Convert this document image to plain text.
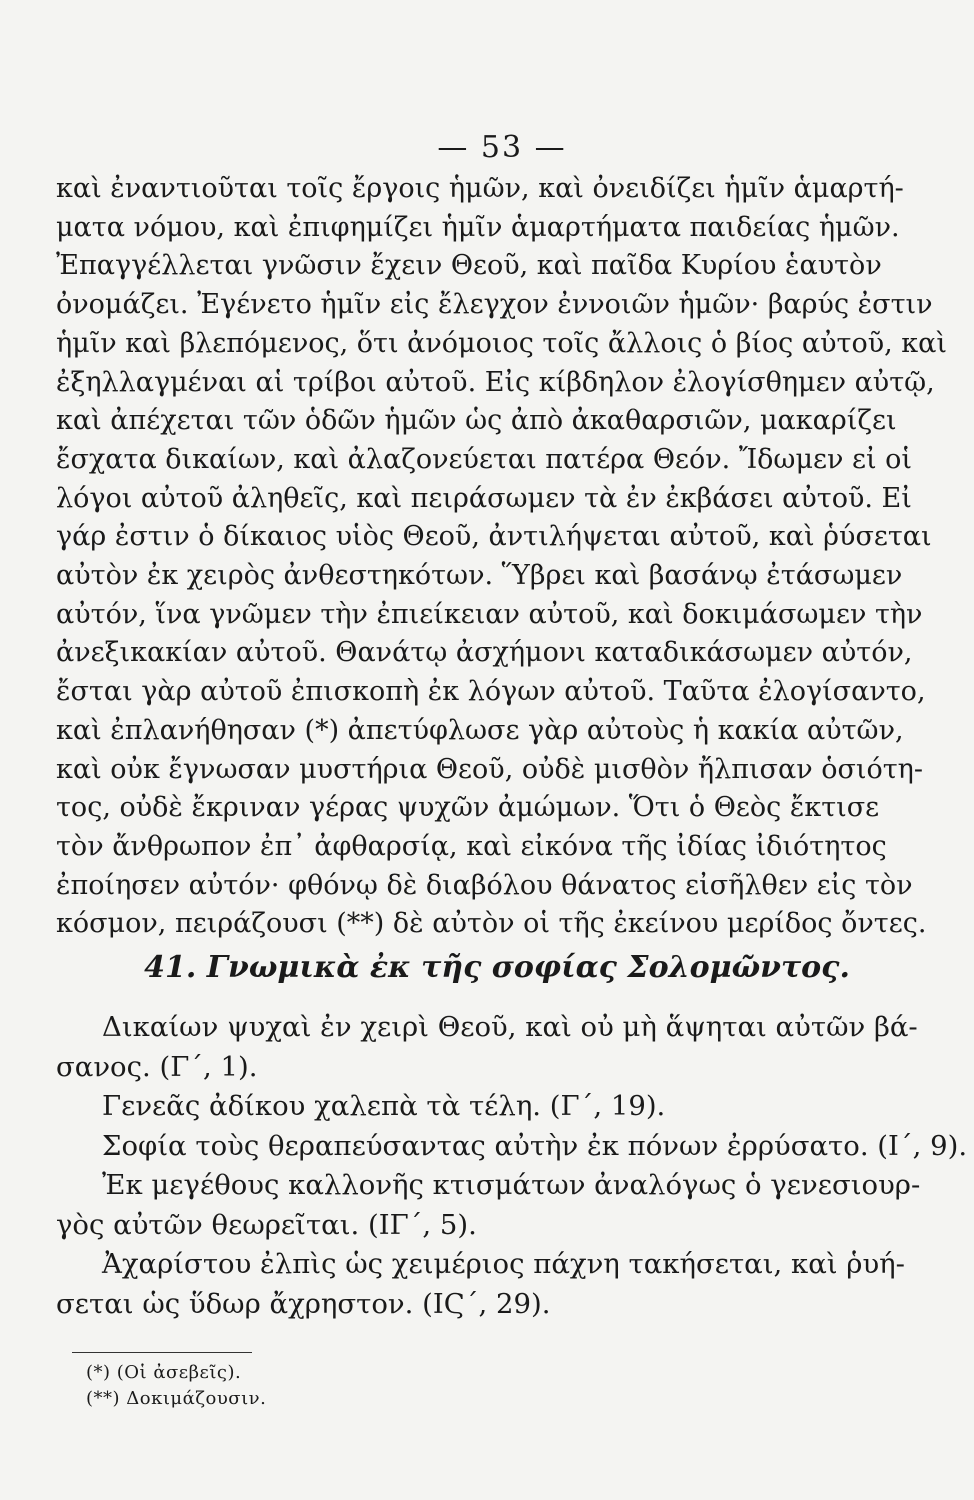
— 53 —
καὶ ἐναντιοῦται τοῖς ἔργοις ἡμῶν, καὶ ὀνειδίζει ἡμῖν ἁμαρτή-
ματα νόμου, καὶ ἐπιφημίζει ἡμῖν ἁμαρτήματα παιδείας ἡμῶν.
Ἐπαγγέλλεται γνῶσιν ἔχειν Θεοῦ, καὶ παῖδα Κυρίου ἑαυτὸν
ὀνομάζει. Ἐγένετο ἡμῖν εἰς ἔλεγχον ἐννοιῶν ἡμῶν· βαρύς ἐστιν
ἡμῖν καὶ βλεπόμενος, ὅτι ἀνόμοιος τοῖς ἄλλοις ὁ βίος αὐτοῦ, καὶ
ἐξηλλαγμέναι αἱ τρίβοι αὐτοῦ. Εἰς κίβδηλον ἐλογίσθημεν αὐτῷ,
καὶ ἀπέχεται τῶν ὁδῶν ἡμῶν ὡς ἀπὸ ἀκαθαρσιῶν, μακαρίζει
ἔσχατα δικαίων, καὶ ἀλαζονεύεται πατέρα Θεόν. Ἴδωμεν εἰ οἱ
λόγοι αὐτοῦ ἀληθεῖς, καὶ πειράσωμεν τὰ ἐν ἐκβάσει αὐτοῦ. Εἰ
γάρ ἐστιν ὁ δίκαιος υἱὸς Θεοῦ, ἀντιλήψεται αὐτοῦ, καὶ ῥύσεται
αὐτὸν ἐκ χειρὸς ἀνθεστηκότων. Ὕβρει καὶ βασάνῳ ἐτάσωμεν
αὐτόν, ἵνα γνῶμεν τὴν ἐπιείκειαν αὐτοῦ, καὶ δοκιμάσωμεν τὴν
ἀνεξικακίαν αὐτοῦ. Θανάτῳ ἀσχήμονι καταδικάσωμεν αὐτόν,
ἔσται γὰρ αὐτοῦ ἐπισκοπὴ ἐκ λόγων αὐτοῦ. Ταῦτα ἐλογίσαντο,
καὶ ἐπλανήθησαν (*) ἀπετύφλωσε γὰρ αὐτοὺς ἡ κακία αὐτῶν,
καὶ οὐκ ἔγνωσαν μυστήρια Θεοῦ, οὐδὲ μισθὸν ἤλπισαν ὁσιότη-
τος, οὐδὲ ἔκριναν γέρας ψυχῶν ἀμώμων. Ὅτι ὁ Θεὸς ἔκτισε
τὸν ἄνθρωπον ἐπ᾽ ἀφθαρσίᾳ, καὶ εἰκόνα τῆς ἰδίας ἰδιότητος
ἐποίησεν αὐτόν· φθόνῳ δὲ διαβόλου θάνατος εἰσῆλθεν εἰς τὸν
κόσμον, πειράζουσι (**) δὲ αὐτὸν οἱ τῆς ἐκείνου μερίδος ὄντες.
41. Γνωμικὰ ἐκ τῆς σοφίας Σολομῶντος.
Δικαίων ψυχαὶ ἐν χειρὶ Θεοῦ, καὶ οὐ μὴ ἅψηται αὐτῶν βά-
σανος. (Γ΄, 1).
Γενεᾶς ἀδίκου χαλεπὰ τὰ τέλη. (Γ΄, 19).
Σοφία τοὺς θεραπεύσαντας αὐτὴν ἐκ πόνων ἐρρύσατο. (Ι΄, 9).
Ἐκ μεγέθους καλλονῆς κτισμάτων ἀναλόγως ὁ γενεσιουρ-
γὸς αὐτῶν θεωρεῖται. (ΙΓ΄, 5).
Ἀχαρίστου ἐλπὶς ὡς χειμέριος πάχνη τακήσεται, καὶ ῥυή-
σεται ὡς ὕδωρ ἄχρηστον. (ΙϚ΄, 29).
(*) (Οἱ ἀσεβεῖς).
(**) Δοκιμάζουσιν.
